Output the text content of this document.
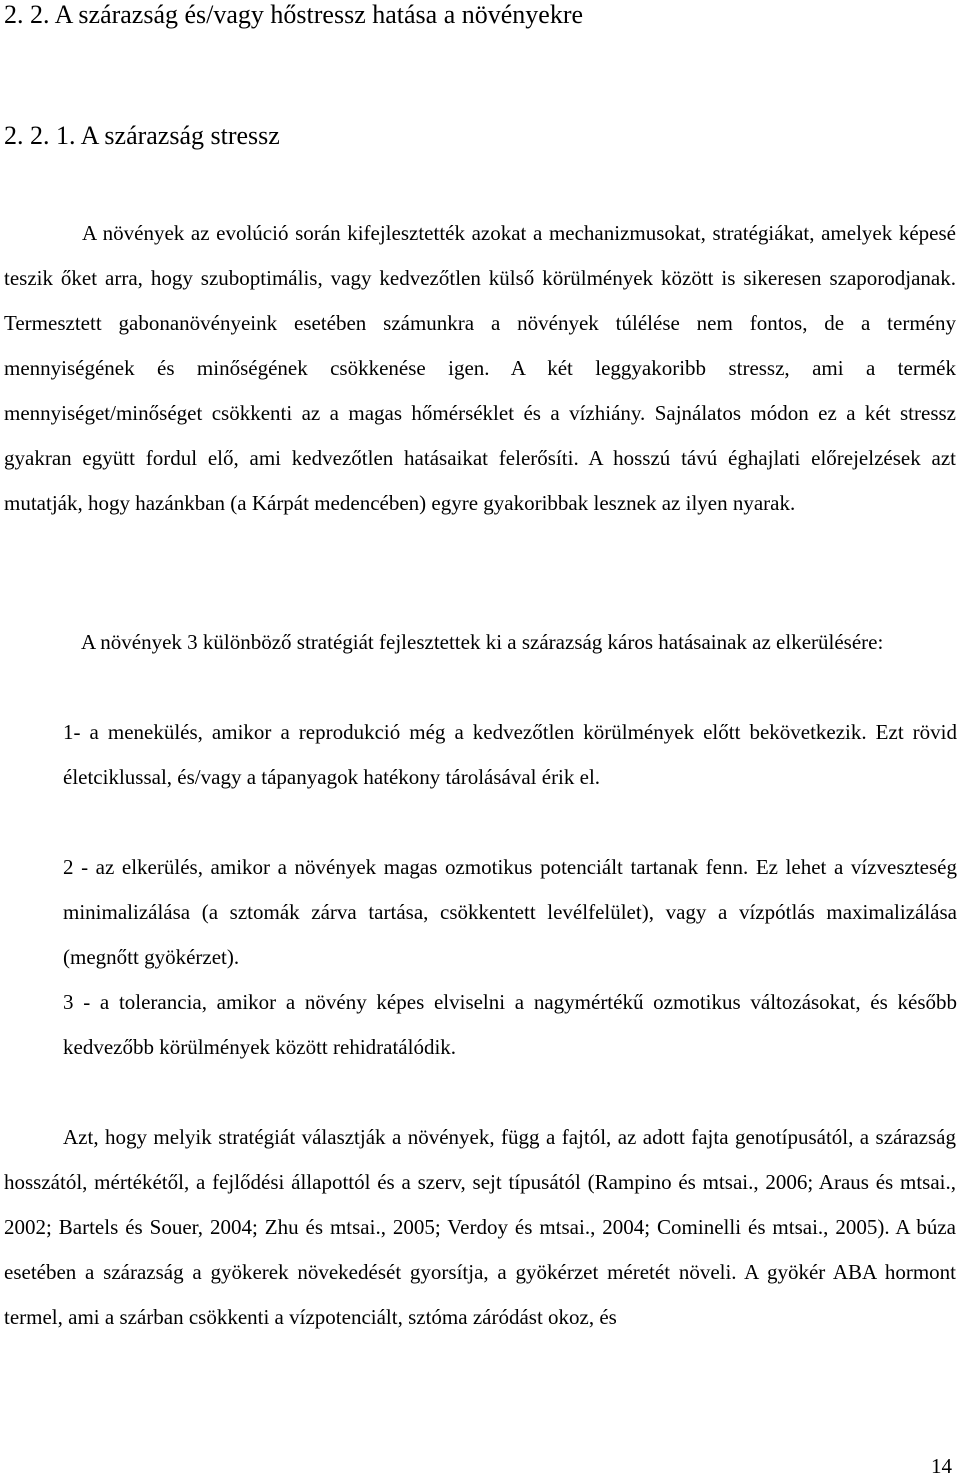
2. 2. A szárazság és/vagy hőstressz hatása a növényekre
2. 2. 1. A szárazság stressz

A növények az evolúció során kifejlesztették azokat a mechanizmusokat, stratégiákat, amelyek képesé teszik őket arra, hogy szuboptimális, vagy kedvezőtlen külső körülmények között is sikeresen szaporodjanak. Termesztett gabonanövényeink esetében számunkra a növények túlélése nem fontos, de a termény mennyiségének és minőségének csökkenése igen. A két leggyakoribb stressz, ami a termék mennyiséget/minőséget csökkenti az a magas hőmérséklet és a vízhiány. Sajnálatos módon ez a két stressz gyakran együtt fordul elő, ami kedvezőtlen hatásaikat felerősíti. A hosszú távú éghajlati előrejelzések azt mutatják, hogy hazánkban (a Kárpát medencében) egyre gyakoribbak lesznek az ilyen nyarak.

A növények 3 különböző stratégiát fejlesztettek ki a szárazság káros hatásainak az elkerülésére:

1- a menekülés, amikor a reprodukció még a kedvezőtlen körülmények előtt bekövetkezik. Ezt rövid életciklussal, és/vagy a tápanyagok hatékony tárolásával érik el.
2 - az elkerülés, amikor a növények magas ozmotikus potenciált tartanak fenn. Ez lehet a vízveszteség minimalizálása (a sztomák zárva tartása, csökkentett levélfelület), vagy a vízpótlás maximalizálása (megnőtt gyökérzet).
3 - a tolerancia, amikor a növény képes elviselni a nagymértékű ozmotikus változásokat, és később kedvezőbb körülmények között rehidratálódik.

Azt, hogy melyik stratégiát választják a növények, függ a fajtól, az adott fajta genotípusától, a szárazság hosszától, mértékétől, a fejlődési állapottól és a szerv, sejt típusától (Rampino és mtsai., 2006; Araus és mtsai., 2002; Bartels és Souer, 2004; Zhu és mtsai., 2005; Verdoy és mtsai., 2004; Cominelli és mtsai., 2005). A búza esetében a szárazság a gyökerek növekedését gyorsítja, a gyökérzet méretét növeli. A gyökér ABA hormont termel, ami a szárban csökkenti a vízpotenciált, sztóma záródást okoz, és

14
